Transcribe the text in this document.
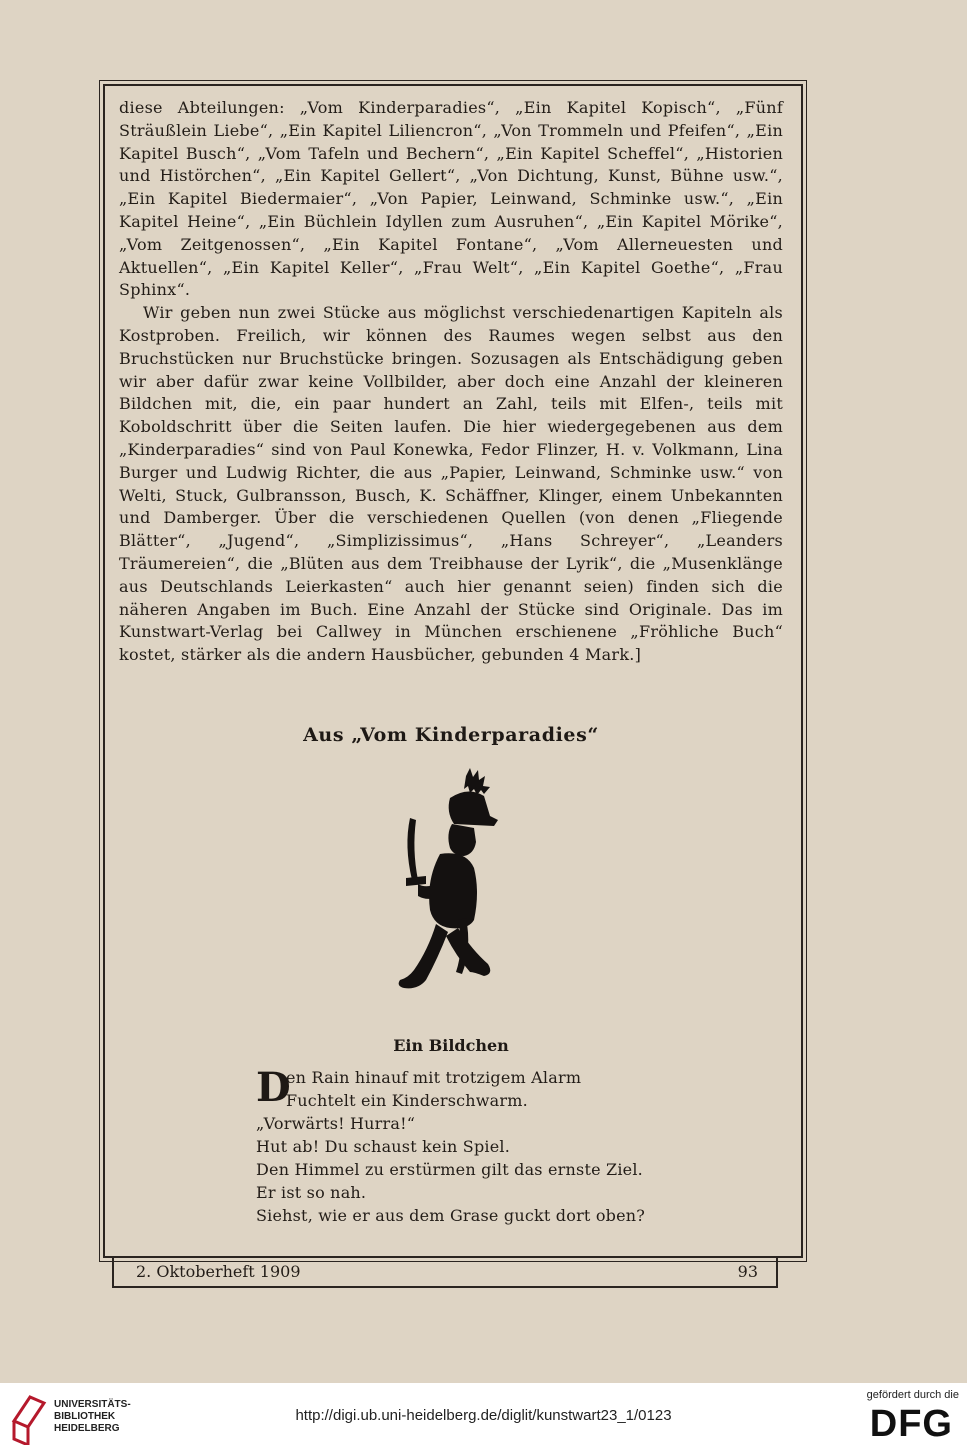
diese Abteilungen: „Vom Kinderparadies“, „Ein Kapitel Kopisch“, „Fünf Sträußlein Liebe“, „Ein Kapitel Liliencron“, „Von Trommeln und Pfeifen“, „Ein Kapitel Busch“, „Vom Tafeln und Bechern“, „Ein Kapitel Scheffel“, „Historien und Histörchen“, „Ein Kapitel Gellert“, „Von Dichtung, Kunst, Bühne usw.“, „Ein Kapitel Biedermaier“, „Von Papier, Leinwand, Schminke usw.“, „Ein Kapitel Heine“, „Ein Büchlein Idyllen zum Ausruhen“, „Ein Kapitel Mörike“, „Vom Zeitgenossen“, „Ein Kapitel Fontane“, „Vom Allerneuesten und Aktuellen“, „Ein Kapitel Keller“, „Frau Welt“, „Ein Kapitel Goethe“, „Frau Sphinx“.

Wir geben nun zwei Stücke aus möglichst verschiedenartigen Kapiteln als Kostproben. Freilich, wir können des Raumes wegen selbst aus den Bruchstücken nur Bruchstücke bringen. Sozusagen als Entschädigung geben wir aber dafür zwar keine Vollbilder, aber doch eine Anzahl der kleineren Bildchen mit, die, ein paar hundert an Zahl, teils mit Elfen-, teils mit Koboldschritt über die Seiten laufen. Die hier wiedergegebenen aus dem „Kinderparadies“ sind von Paul Konewka, Fedor Flinzer, H. v. Volkmann, Lina Burger und Ludwig Richter, die aus „Papier, Leinwand, Schminke usw.“ von Welti, Stuck, Gulbransson, Busch, K. Schäffner, Klinger, einem Unbekannten und Damberger. Über die verschiedenen Quellen (von denen „Fliegende Blätter“, „Jugend“, „Simplizissimus“, „Hans Schreyer“, „Leanders Träumereien“, die „Blüten aus dem Treibhause der Lyrik“, die „Musenklänge aus Deutschlands Leierkasten“ auch hier genannt seien) finden sich die näheren Angaben im Buch. Eine Anzahl der Stücke sind Originale. Das im Kunstwart-Verlag bei Callwey in München erschienene „Fröhliche Buch“ kostet, stärker als die andern Hausbücher, gebunden 4 Mark.]

Aus „Vom Kinderparadies“
Ein Bildchen
D
en Rain hinauf mit trotzigem Alarm
Fuchtelt ein Kinderschwarm.
„Vorwärts! Hurra!“
Hut ab! Du schaust kein Spiel.
Den Himmel zu erstürmen gilt das ernste Ziel.
Er ist so nah.
Siehst, wie er aus dem Grase guckt dort oben?
2. Oktoberheft 1909	93
UNIVERSITÄTS-
BIBLIOTHEK
HEIDELBERG
http://digi.ub.uni-heidelberg.de/diglit/kunstwart23_1/0123
gefördert durch die
DFG
